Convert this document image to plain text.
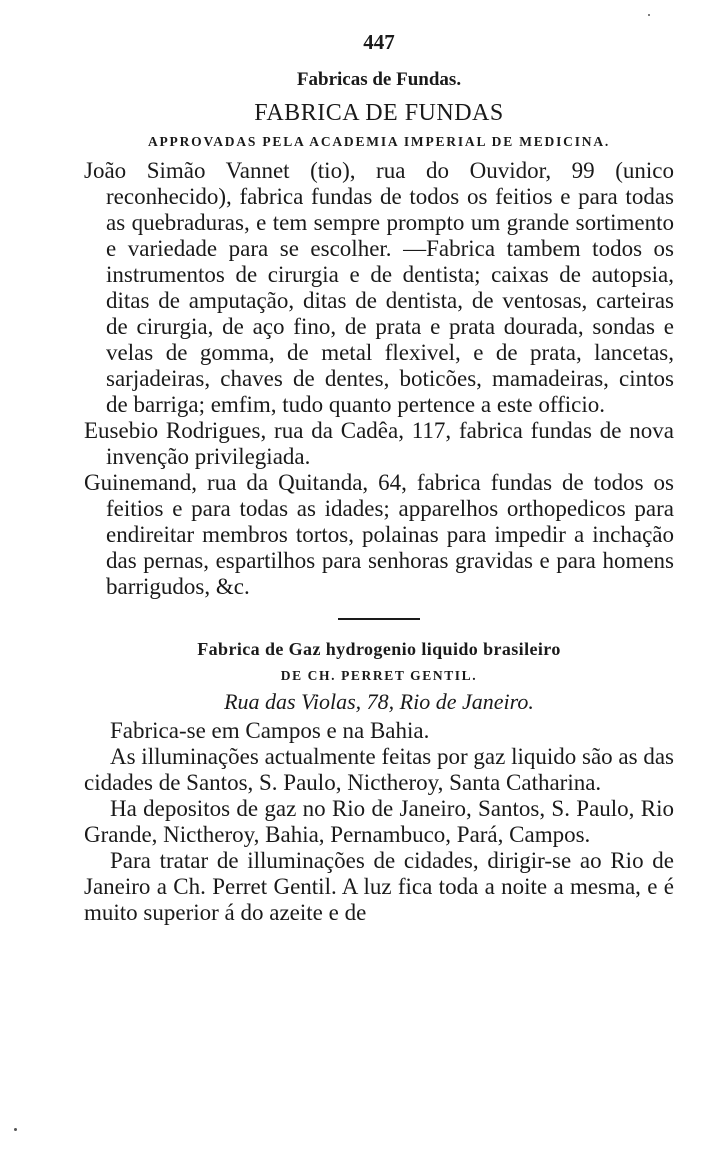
447
Fabricas de Fundas.
FABRICA DE FUNDAS
APPROVADAS PELA ACADEMIA IMPERIAL DE MEDICINA.

João Simão Vannet (tio), rua do Ouvidor, 99 (unico reconhecido), fabrica fundas de todos os feitios e para todas as quebraduras, e tem sempre prompto um grande sortimento e variedade para se escolher. —Fabrica tambem todos os instrumentos de cirurgia e de dentista; caixas de autopsia, ditas de amputação, ditas de dentista, de ventosas, carteiras de cirurgia, de aço fino, de prata e prata dourada, sondas e velas de gomma, de metal flexivel, e de prata, lancetas, sarjadeiras, chaves de dentes, boticões, mamadeiras, cintos de barriga; emfim, tudo quanto pertence a este officio.

Eusebio Rodrigues, rua da Cadêa, 117, fabrica fundas de nova invenção privilegiada.

Guinemand, rua da Quitanda, 64, fabrica fundas de todos os feitios e para todas as idades; apparelhos orthopedicos para endireitar membros tortos, polainas para impedir a inchação das pernas, espartilhos para senhoras gravidas e para homens barrigudos, &c.

Fabrica de Gaz hydrogenio liquido brasileiro
DE CH. PERRET GENTIL.
Rua das Violas, 78, Rio de Janeiro.

Fabrica-se em Campos e na Bahia.

As illuminações actualmente feitas por gaz liquido são as das cidades de Santos, S. Paulo, Nictheroy, Santa Catharina.

Ha depositos de gaz no Rio de Janeiro, Santos, S. Paulo, Rio Grande, Nictheroy, Bahia, Pernambuco, Pará, Campos.

Para tratar de illuminações de cidades, dirigir-se ao Rio de Janeiro a Ch. Perret Gentil. A luz fica toda a noite a mesma, e é muito superior á do azeite e de
